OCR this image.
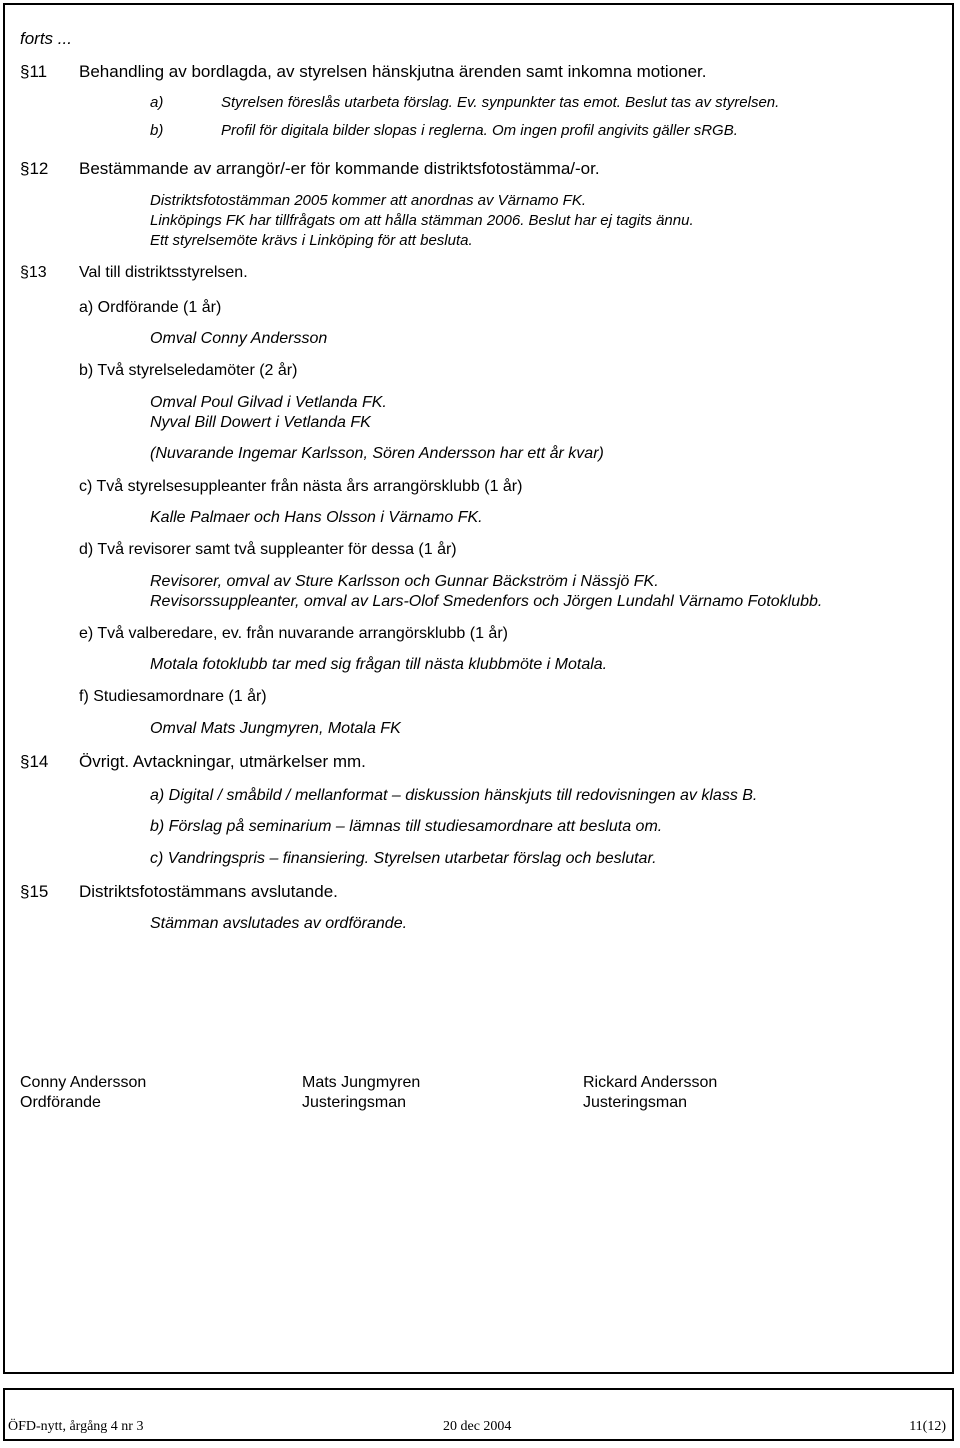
forts ...
§11 Behandling av bordlagda, av styrelsen hänskjutna ärenden samt inkomna motioner.
a)	Styrelsen föreslås utarbeta förslag. Ev. synpunkter tas emot. Beslut tas av styrelsen.
b)	Profil för digitala bilder slopas i reglerna. Om ingen profil angivits gäller sRGB.
§12 Bestämmande av arrangör/-er för kommande distriktsfotostämma/-or.
Distriktsfotostämman 2005 kommer att anordnas av Värnamo FK.
Linköpings FK har tillfrågats om att hålla stämman 2006. Beslut har ej tagits ännu.
Ett styrelsemöte krävs i Linköping för att besluta.
§13 Val till distriktsstyrelsen.
a) Ordförande (1 år)
Omval Conny Andersson
b) Två styrelseledamöter (2 år)
Omval Poul Gilvad i Vetlanda FK.
Nyval Bill Dowert i Vetlanda FK
(Nuvarande Ingemar Karlsson, Sören Andersson har ett år kvar)
c) Två styrelsesuppleanter från nästa års arrangörsklubb (1 år)
Kalle Palmaer och Hans Olsson i Värnamo FK.
d) Två revisorer samt två suppleanter för dessa (1 år)
Revisorer, omval av Sture Karlsson och Gunnar Bäckström i Nässjö FK.
Revisorssuppleanter, omval av Lars-Olof Smedenfors och Jörgen Lundahl Värnamo Fotoklubb.
e) Två valberedare, ev. från nuvarande arrangörsklubb (1 år)
Motala fotoklubb tar med sig frågan till nästa klubbmöte i Motala.
f) Studiesamordnare (1 år)
Omval Mats Jungmyren, Motala FK
§14 Övrigt. Avtackningar, utmärkelser mm.
a) Digital / småbild / mellanformat – diskussion hänskjuts till redovisningen av klass B.
b) Förslag på seminarium – lämnas till studiesamordnare att besluta om.
c) Vandringspris – finansiering. Styrelsen utarbetar förslag och beslutar.
§15 Distriktsfotostämmans avslutande.
Stämman avslutades av ordförande.
Conny Andersson
Ordförande
Mats Jungmyren
Justeringsman
Rickard Andersson
Justeringsman
ÖFD-nytt, årgång 4 nr 3	20 dec 2004	11(12)
